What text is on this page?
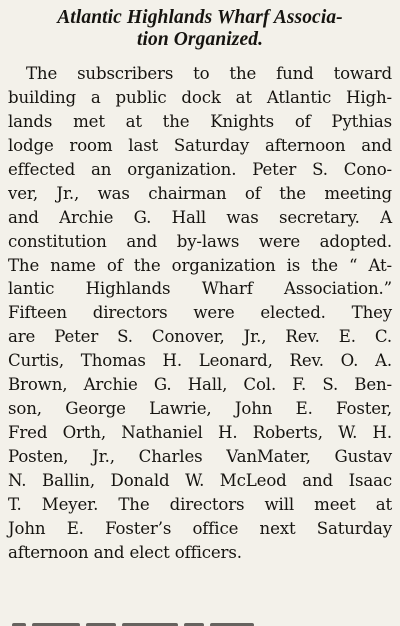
Atlantic Highlands Wharf Associa-
tion Organized.
The subscribers to the fund toward
building a public dock at Atlantic High-
lands met at the Knights of Pythias
lodge room last Saturday afternoon and
effected an organization. Peter S. Cono-
ver, Jr., was chairman of the meeting
and Archie G. Hall was secretary. A
constitution and by-laws were adopted.
The name of the organization is the “ At-
lantic Highlands Wharf Association.”
Fifteen directors were elected. They
are Peter S. Conover, Jr., Rev. E. C.
Curtis, Thomas H. Leonard, Rev. O. A.
Brown, Archie G. Hall, Col. F. S. Ben-
son, George Lawrie, John E. Foster,
Fred Orth, Nathaniel H. Roberts, W. H.
Posten, Jr., Charles VanMater, Gustav
N. Ballin, Donald W. McLeod and Isaac
T. Meyer. The directors will meet at
John E. Foster’s office next Saturday
afternoon and elect officers.
